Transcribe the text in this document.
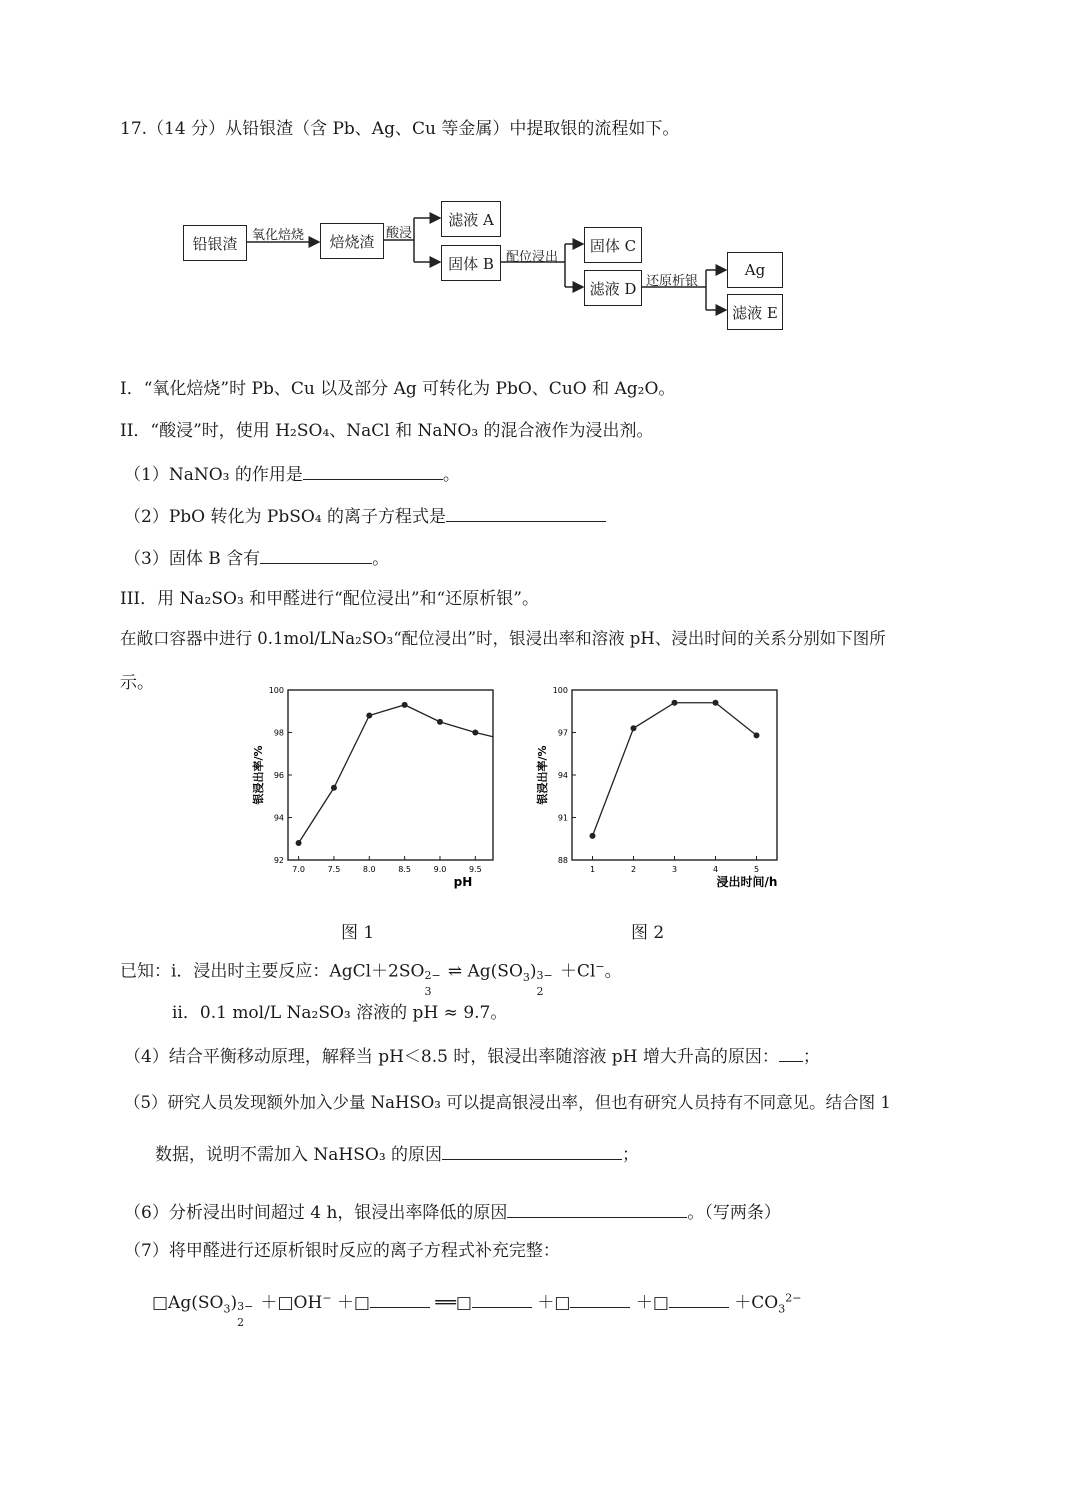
17.（14 分）从铅银渣（含 Pb、Ag、Cu 等金属）中提取银的流程如下。
铅银渣	氧化焙烧	焙烧渣 酸浸
滤液 A
固体 B 配位浸出
固体 C
滤液 D 还原析银
Ag
滤液 E
I．“氧化焙烧”时 Pb、Cu 以及部分 Ag 可转化为 PbO、CuO 和 Ag₂O。
II．“酸浸”时，使用 H₂SO₄、NaCl 和 NaNO₃ 的混合液作为浸出剂。
（1）NaNO₃ 的作用是	。
（2）PbO 转化为 PbSO₄ 的离子方程式是
（3）固体 B 含有	。
III．用 Na₂SO₃ 和甲醛进行“配位浸出”和“还原析银”。
在敞口容器中进行 0.1mol/LNa₂SO₃“配位浸出”时，银浸出率和溶液 pH、浸出时间的关系分别如下图所
示。
92
94
96
98
100
7.0	7.5	8.0	8.5	9.0	9.5
银浸出率/%
pH
88
91
94
97
100
1	2	3	4	5
银浸出率/%
浸出时间/h
图 1	图 2
已知：i．浸出时主要反应：AgCl＋2SO 2−
3
⇌ $Ag(SO_3)$ 3−
2
＋Cl−。
ii．0.1 mol/L Na₂SO₃ 溶液的 pH ≈ 9.7。
（4）结合平衡移动原理，解释当 pH＜8.5 时，银浸出率随溶液 pH 增大升高的原因： ；
（5）研究人员发现额外加入少量 NaHSO₃ 可以提高银浸出率，但也有研究人员持有不同意见。结合图 1
数据，说明不需加入 NaHSO₃ 的原因	；
（6）分析浸出时间超过 4 h，银浸出率降低的原因	。（写两条）
（7）将甲醛进行还原析银时反应的离子方程式补充完整：
$□Ag(SO_3)$ 3−
2
＋□OH− ＋□	══□	＋□	＋□	$+CO_3^{2-}$
